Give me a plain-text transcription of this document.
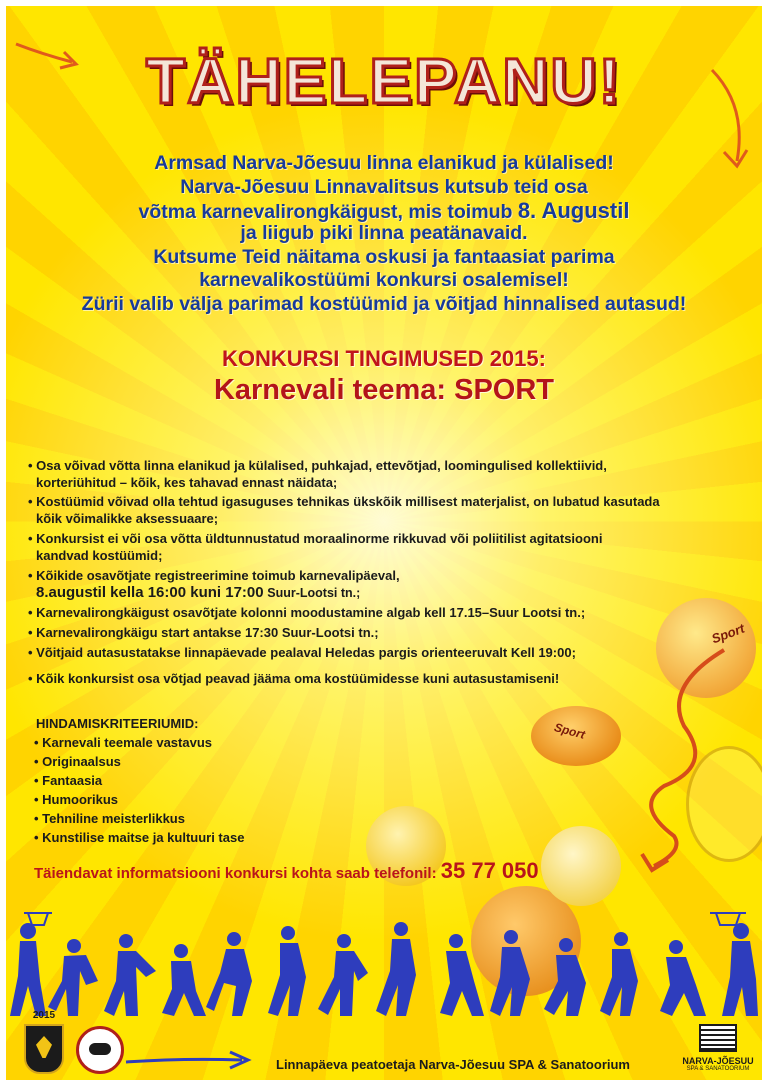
Sport
Sport
TÄHELEPANU!
Armsad Narva-Jõesuu linna elanikud ja külalised!
Narva-Jõesuu Linnavalitsus kutsub teid osa
võtma karnevalirongkäigust, mis toimub 8. Augustil
ja liigub piki linna peatänavaid.
Kutsume Teid näitama oskusi ja fantaasiat parima
karnevalikostüümi konkursi osalemisel!
Zürii valib välja parimad kostüümid ja võitjad hinnalised autasud!
KONKURSI TINGIMUSED 2015:
Karnevali teema: SPORT
• Osa võivad võtta linna elanikud ja külalised, puhkajad, ettevõtjad, loomingulised kollektiivid,
korteriühitud – kõik, kes tahavad ennast näidata;
• Kostüümid võivad olla tehtud igasuguses tehnikas ükskõik millisest materjalist, on lubatud kasutada
kõik võimalikke aksessuaare;
• Konkursist ei või osa võtta üldtunnustatud moraalinorme rikkuvad või poliitilist agitatsiooni
kandvad kostüümid;
• Kõikide osavõtjate registreerimine toimub karnevalipäeval,
8.augustil kella 16:00 kuni 17:00 Suur-Lootsi tn.;
• Karnevalirongkäigust osavõtjate kolonni moodustamine algab kell 17.15–Suur Lootsi tn.;
• Karnevalirongkäigu start antakse 17:30 Suur-Lootsi tn.;
• Võitjaid autasustatakse linnapäevade pealaval Heledas pargis orienteeruvalt Kell 19:00;
• Kõik konkursist osa võtjad peavad jääma oma kostüümidesse kuni autasustamiseni!
HINDAMISKRITEERIUMID:
• Karnevali teemale vastavus
• Originaalsus
• Fantaasia
• Humoorikus
• Tehniline meisterlikkus
• Kunstilise maitse ja kultuuri tase
Täiendavat informatsiooni konkursi kohta saab telefonil: 35 77 050
2015
Linnapäeva peatoetaja Narva-Jõesuu SPA & Sanatoorium	NARVA-JÕESUU
SPA & SANATOORIUM
